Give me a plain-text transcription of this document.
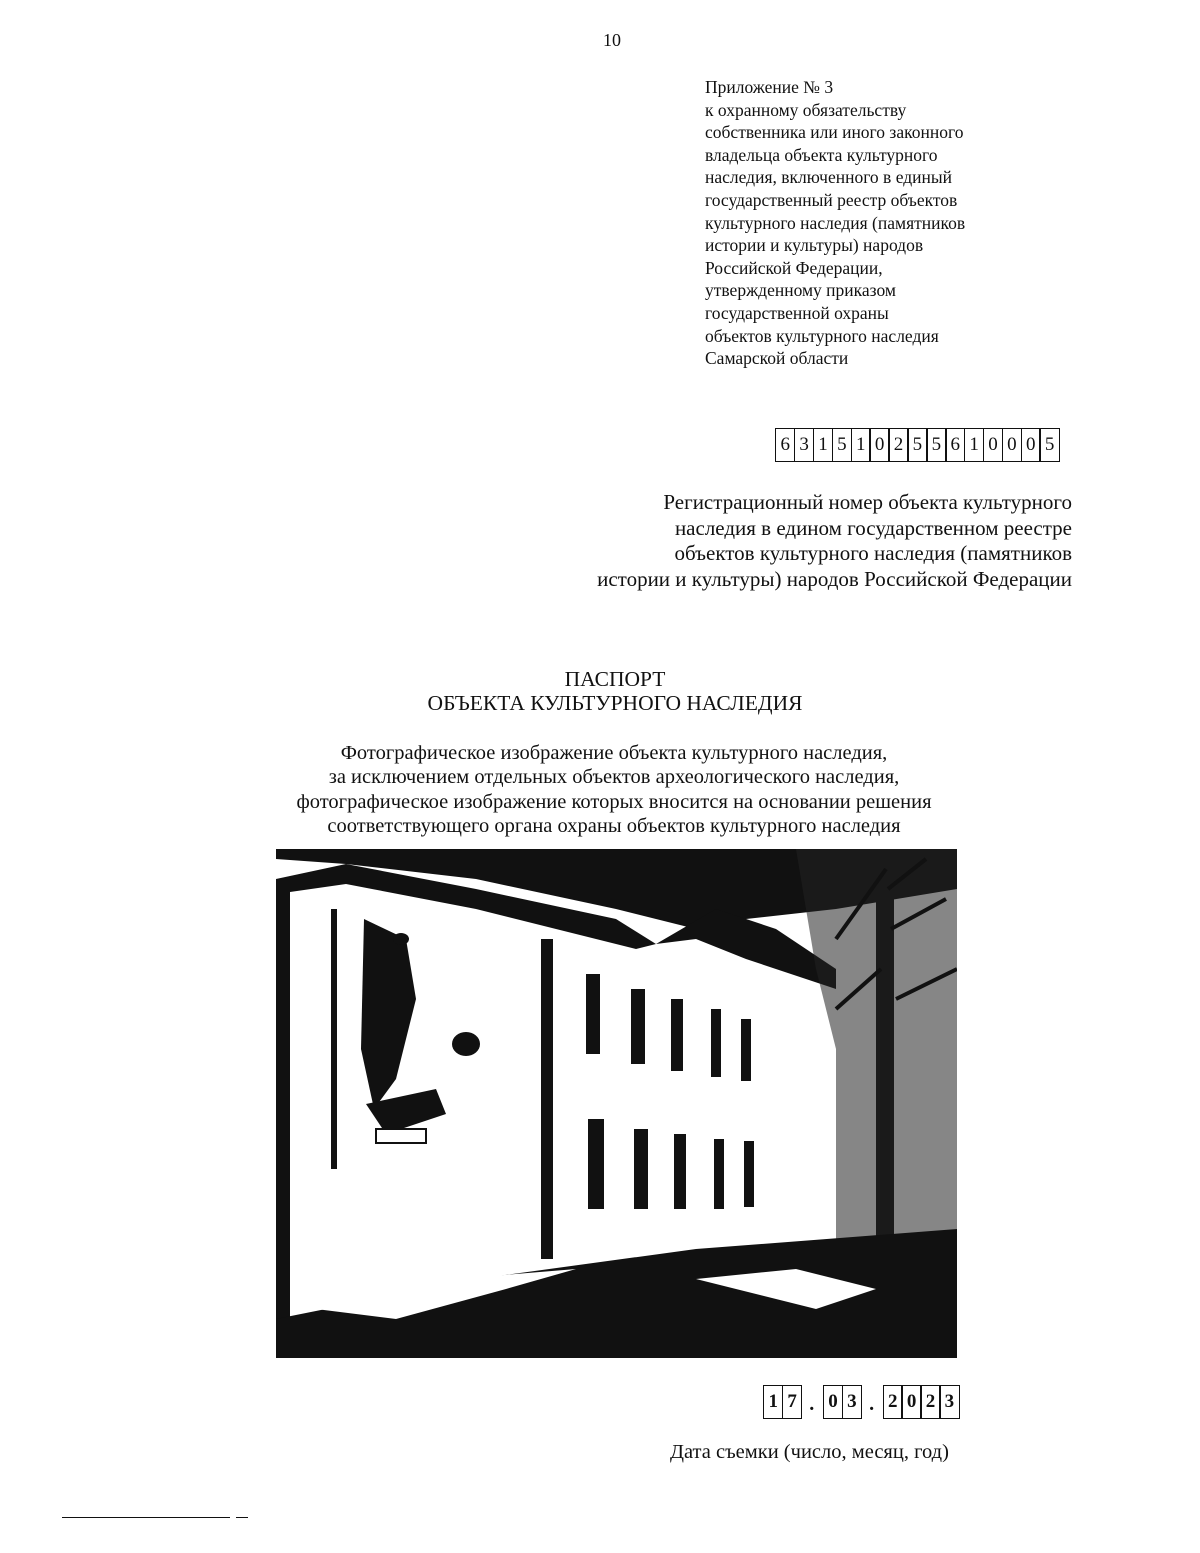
10
Приложение № 3
к охранному обязательству
собственника или иного законного
владельца объекта культурного
наследия, включенного в единый
государственный реестр объектов
культурного наследия (памятников
истории и культуры) народов
Российской Федерации,
утвержденному приказом
государственной охраны
объектов культурного наследия
Самарской области
6 3 1 5 1 0 2 5 5 6 1 0 0 0 5
Регистрационный номер объекта культурного
наследия в едином государственном реестре
объектов культурного наследия (памятников
истории и культуры) народов Российской Федерации
ПАСПОРТ
ОБЪЕКТА КУЛЬТУРНОГО НАСЛЕДИЯ
Фотографическое изображение объекта культурного наследия,
за исключением отдельных объектов археологического наследия,
фотографическое изображение которых вносится на основании решения
соответствующего органа охраны объектов культурного наследия
1 7 . 0 3 . 2 0 2 3
Дата съемки (число, месяц, год)
